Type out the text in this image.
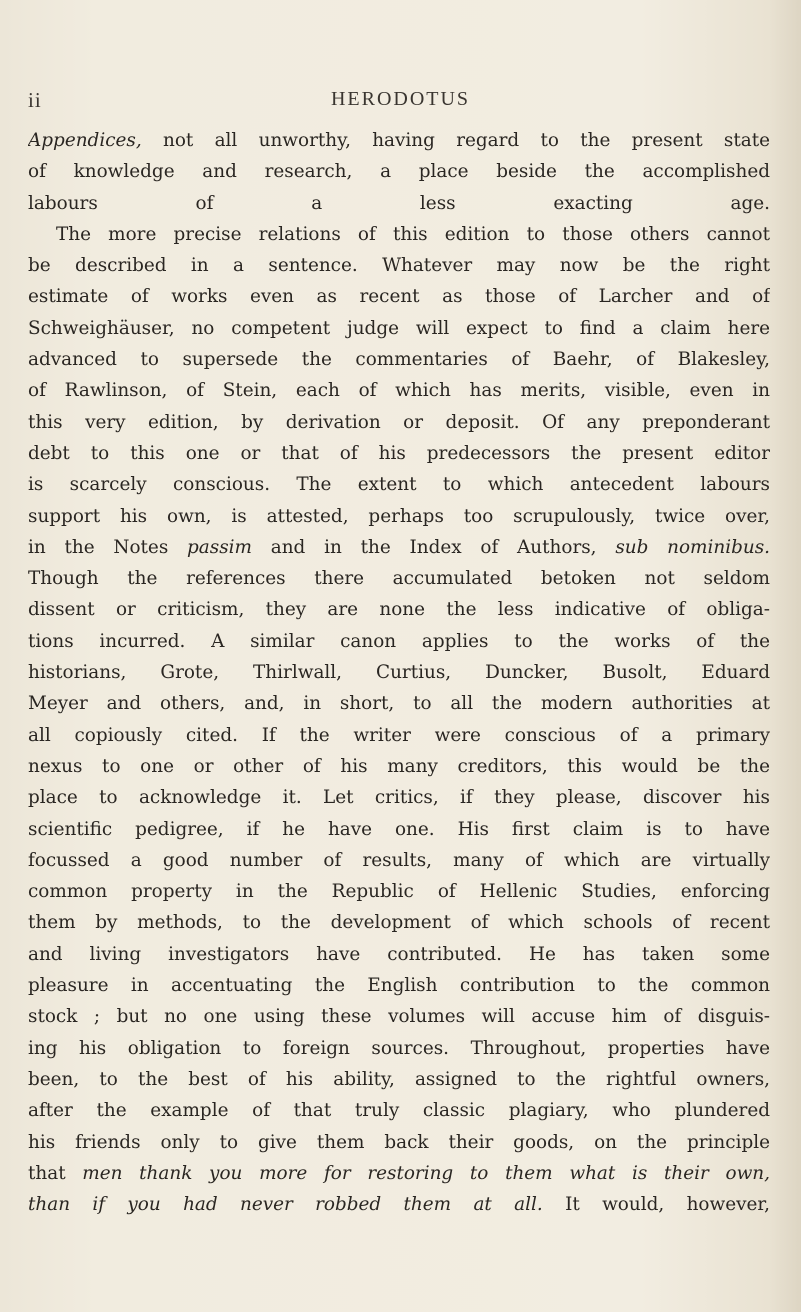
ii	HERODOTUS
Appendices, not all unworthy, having regard to the present state
of knowledge and research, a place beside the accomplished
labours of a less exacting age.
The more precise relations of this edition to those others cannot
be described in a sentence. Whatever may now be the right
estimate of works even as recent as those of Larcher and of
Schweighäuser, no competent judge will expect to find a claim here
advanced to supersede the commentaries of Baehr, of Blakesley,
of Rawlinson, of Stein, each of which has merits, visible, even in
this very edition, by derivation or deposit. Of any preponderant
debt to this one or that of his predecessors the present editor
is scarcely conscious. The extent to which antecedent labours
support his own, is attested, perhaps too scrupulously, twice over,
in the Notes passim and in the Index of Authors, sub nominibus.
Though the references there accumulated betoken not seldom
dissent or criticism, they are none the less indicative of obliga-
tions incurred. A similar canon applies to the works of the
historians, Grote, Thirlwall, Curtius, Duncker, Busolt, Eduard
Meyer and others, and, in short, to all the modern authorities at
all copiously cited. If the writer were conscious of a primary
nexus to one or other of his many creditors, this would be the
place to acknowledge it. Let critics, if they please, discover his
scientific pedigree, if he have one. His first claim is to have
focussed a good number of results, many of which are virtually
common property in the Republic of Hellenic Studies, enforcing
them by methods, to the development of which schools of recent
and living investigators have contributed. He has taken some
pleasure in accentuating the English contribution to the common
stock ; but no one using these volumes will accuse him of disguis-
ing his obligation to foreign sources. Throughout, properties have
been, to the best of his ability, assigned to the rightful owners,
after the example of that truly classic plagiary, who plundered
his friends only to give them back their goods, on the principle
that men thank you more for restoring to them what is their own,
than if you had never robbed them at all. It would, however,
